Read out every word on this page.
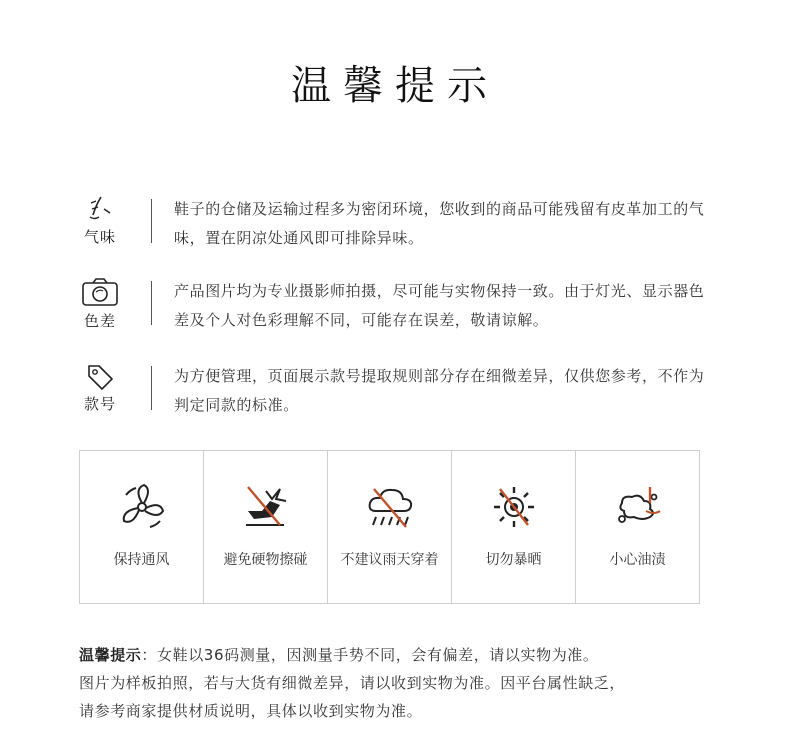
温馨提示
气味
鞋子的仓储及运输过程多为密闭环境，您收到的商品可能残留有皮革加工的气味，置在阴凉处通风即可排除异味。
色差
产品图片均为专业摄影师拍摄，尽可能与实物保持一致。由于灯光、显示器色差及个人对色彩理解不同，可能存在误差，敬请谅解。
款号
为方便管理，页面展示款号提取规则部分存在细微差异，仅供您参考，不作为判定同款的标准。
保持通风	避免硬物擦碰	不建议雨天穿着	切勿暴晒	小心油渍
温馨提示：女鞋以36码测量，因测量手势不同，会有偏差，请以实物为准。
图片为样板拍照，若与大货有细微差异，请以收到实物为准。因平台属性缺乏，
请参考商家提供材质说明，具体以收到实物为准。
